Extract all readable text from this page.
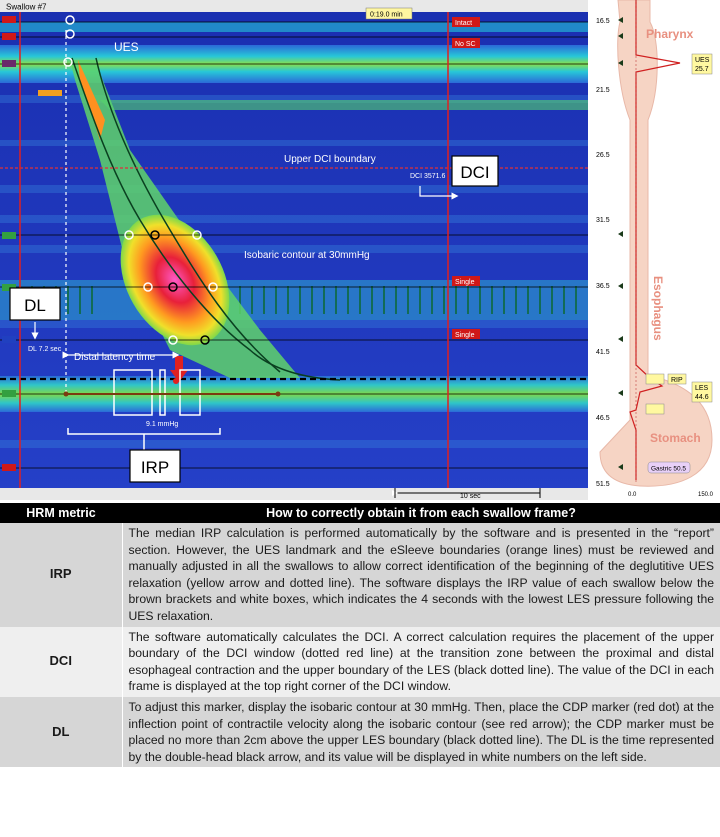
Swallow #7
0:19.0 min
Intact
No SC
Single
Single
9.1 mmHg
IRP
DL
DL 7.2 sec
Distal latency time
UES
Upper DCI boundary
DCI 3571.6
Isobaric contour at 30mmHg
DCI
10 sec
Pharynx
Esophagus
Stomach
16.5
21.5
26.5
31.5
36.5
41.5
46.5
51.5
UES
25.7
LES
44.6
RIP
Gastric 50.5
0.0	150.0
HRM metric	How to correctly obtain it from each swallow frame?
IRP	The median IRP calculation is performed automatically by the software and is presented in the “report” section. However, the UES landmark and the eSleeve boundaries (orange lines) must be reviewed and manually adjusted in all the swallows to allow correct identification of the beginning of the deglutitive UES relaxation (yellow arrow and dotted line). The software displays the IRP value of each swallow below the brown brackets and white boxes, which indicates the 4 seconds with the lowest LES pressure following the UES relaxation.
DCI	The software automatically calculates the DCI. A correct calculation requires the placement of the upper boundary of the DCI window (dotted red line) at the transition zone between the proximal and distal esophageal contraction and the upper boundary of the LES (black dotted line). The value of the DCI in each frame is displayed at the top right corner of the DCI window.
DL	To adjust this marker, display the isobaric contour at 30 mmHg. Then, place the CDP marker (red dot) at the inflection point of contractile velocity along the isobaric contour (see red arrow); the CDP marker must be placed no more than 2cm above the upper LES boundary (black dotted line). The DL is the time represented by the double-head black arrow, and its value will be displayed in white numbers on the left side.
